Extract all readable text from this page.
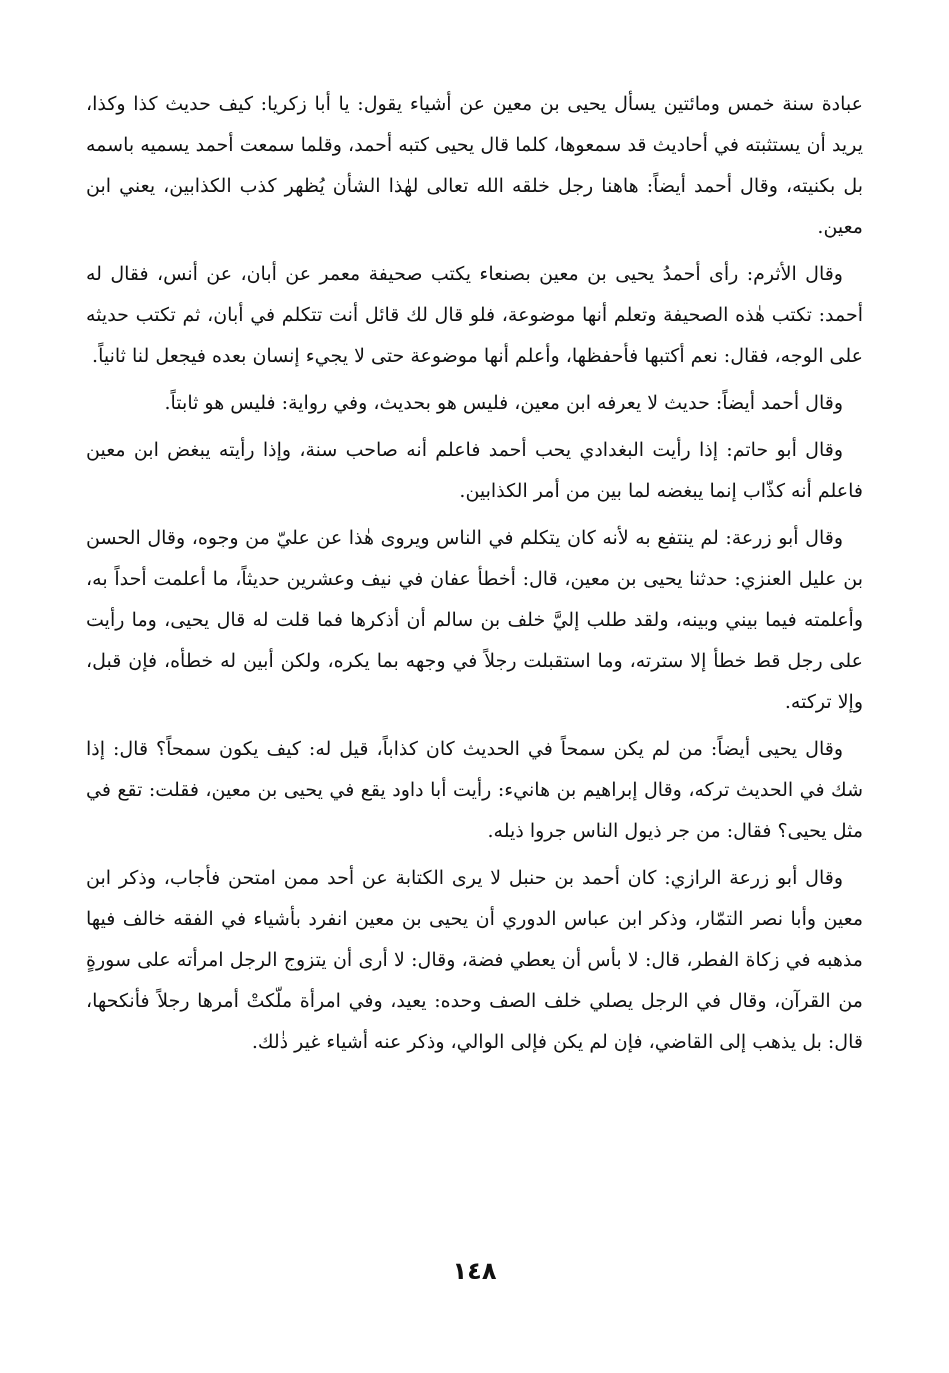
عبادة سنة خمس ومائتين يسأل يحيى بن معين عن أشياء يقول: يا أبا زكريا: كيف حديث كذا وكذا، يريد أن يستثبته في أحاديث قد سمعوها، كلما قال يحيى كتبه أحمد، وقلما سمعت أحمد يسميه باسمه بل بكنيته، وقال أحمد أيضاً: هاهنا رجل خلقه الله تعالى لهٰذا الشأن يُظهر كذب الكذابين، يعني ابن معين.

وقال الأثرم: رأى أحمدُ يحيى بن معين بصنعاء يكتب صحيفة معمر عن أبان، عن أنس، فقال له أحمد: تكتب هٰذه الصحيفة وتعلم أنها موضوعة، فلو قال لك قائل أنت تتكلم في أبان، ثم تكتب حديثه على الوجه، فقال: نعم أكتبها فأحفظها، وأعلم أنها موضوعة حتى لا يجيء إنسان بعده فيجعل لنا ثانياً.

وقال أحمد أيضاً: حديث لا يعرفه ابن معين، فليس هو بحديث، وفي رواية: فليس هو ثابتاً.

وقال أبو حاتم: إذا رأيت البغدادي يحب أحمد فاعلم أنه صاحب سنة، وإذا رأيته يبغض ابن معين فاعلم أنه كذّاب إنما يبغضه لما بين من أمر الكذابين.

وقال أبو زرعة: لم ينتفع به لأنه كان يتكلم في الناس ويروى هٰذا عن عليّ من وجوه، وقال الحسن بن عليل العنزي: حدثنا يحيى بن معين، قال: أخطأ عفان في نيف وعشرين حديثاً، ما أعلمت أحداً به، وأعلمته فيما بيني وبينه، ولقد طلب إليَّ خلف بن سالم أن أذكرها فما قلت له قال يحيى، وما رأيت على رجل قط خطأ إلا سترته، وما استقبلت رجلاً في وجهه بما يكره، ولكن أبين له خطأه، فإن قبل، وإلا تركته.

وقال يحيى أيضاً: من لم يكن سمحاً في الحديث كان كذاباً، قيل له: كيف يكون سمحاً؟ قال: إذا شك في الحديث تركه، وقال إبراهيم بن هانيء: رأيت أبا داود يقع في يحيى بن معين، فقلت: تقع في مثل يحيى؟ فقال: من جر ذيول الناس جروا ذيله.

وقال أبو زرعة الرازي: كان أحمد بن حنبل لا يرى الكتابة عن أحد ممن امتحن فأجاب، وذكر ابن معين وأبا نصر التمّار، وذكر ابن عباس الدوري أن يحيى بن معين انفرد بأشياء في الفقه خالف فيها مذهبه في زكاة الفطر، قال: لا بأس أن يعطي فضة، وقال: لا أرى أن يتزوج الرجل امرأته على سورةٍ من القرآن، وقال في الرجل يصلي خلف الصف وحده: يعيد، وفي امرأة ملّكتْ أمرها رجلاً فأنكحها، قال: بل يذهب إلى القاضي، فإن لم يكن فإلى الوالي، وذكر عنه أشياء غير ذٰلك.

١٤٨
